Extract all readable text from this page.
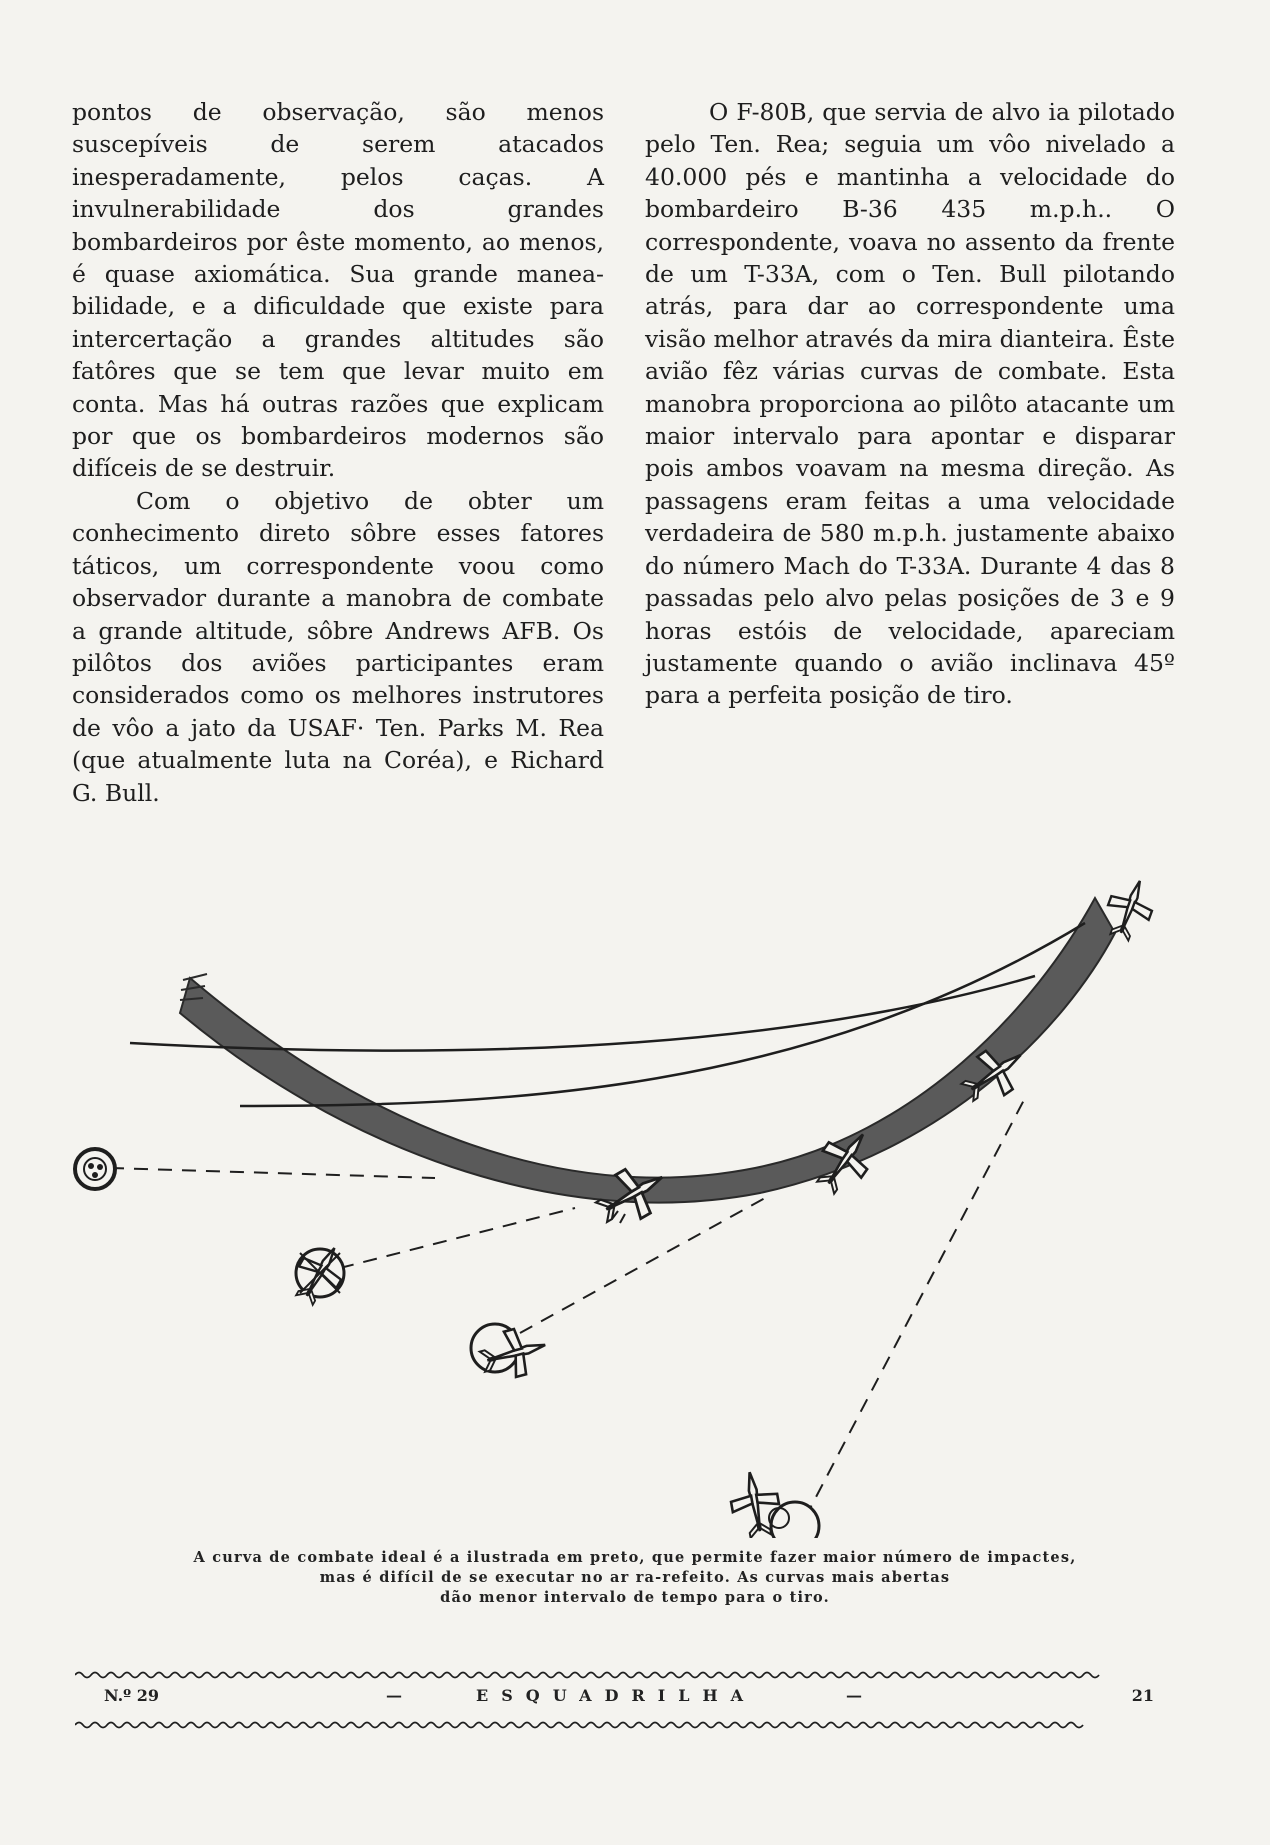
pontos de observação, são menos suscepíveis de serem atacados inesperadamente, pelos caças. A invulnerabilidade dos grandes bombardeiros por êste momento, ao menos, é quase axiomática. Sua grande manea-bilidade, e a dificuldade que existe para intercertação a grandes altitudes são fatôres que se tem que levar muito em conta. Mas há outras razões que explicam por que os bombardeiros modernos são difíceis de se destruir.

Com o objetivo de obter um conhecimento direto sôbre esses fatores táticos, um correspondente voou como observador durante a manobra de combate a grande altitude, sôbre Andrews AFB. Os pilôtos dos aviões participantes eram considerados como os melhores instrutores de vôo a jato da USAF· Ten. Parks M. Rea (que atualmente luta na Coréa), e Richard G. Bull.

O F-80B, que servia de alvo ia pilotado pelo Ten. Rea; seguia um vôo nivelado a 40.000 pés e mantinha a velocidade do bombardeiro B-36 435 m.p.h.. O correspondente, voava no assento da frente de um T-33A, com o Ten. Bull pilotando atrás, para dar ao correspondente uma visão melhor através da mira dianteira. Êste avião fêz várias curvas de combate. Esta manobra proporciona ao pilôto atacante um maior intervalo para apontar e disparar pois ambos voavam na mesma direção. As passagens eram feitas a uma velocidade verdadeira de 580 m.p.h. justamente abaixo do número Mach do T-33A. Durante 4 das 8 passadas pelo alvo pelas posições de 3 e 9 horas estóis de velocidade, apareciam justamente quando o avião inclinava 45º para a perfeita posição de tiro.

A curva de combate ideal é a ilustrada em preto, que permite fazer maior número de impactes,
mas é difícil de se executar no ar ra-refeito. As curvas mais abertas
dão menor intervalo de tempo para o tiro.
N.º 29	—	ESQUADRILHA	—	21
